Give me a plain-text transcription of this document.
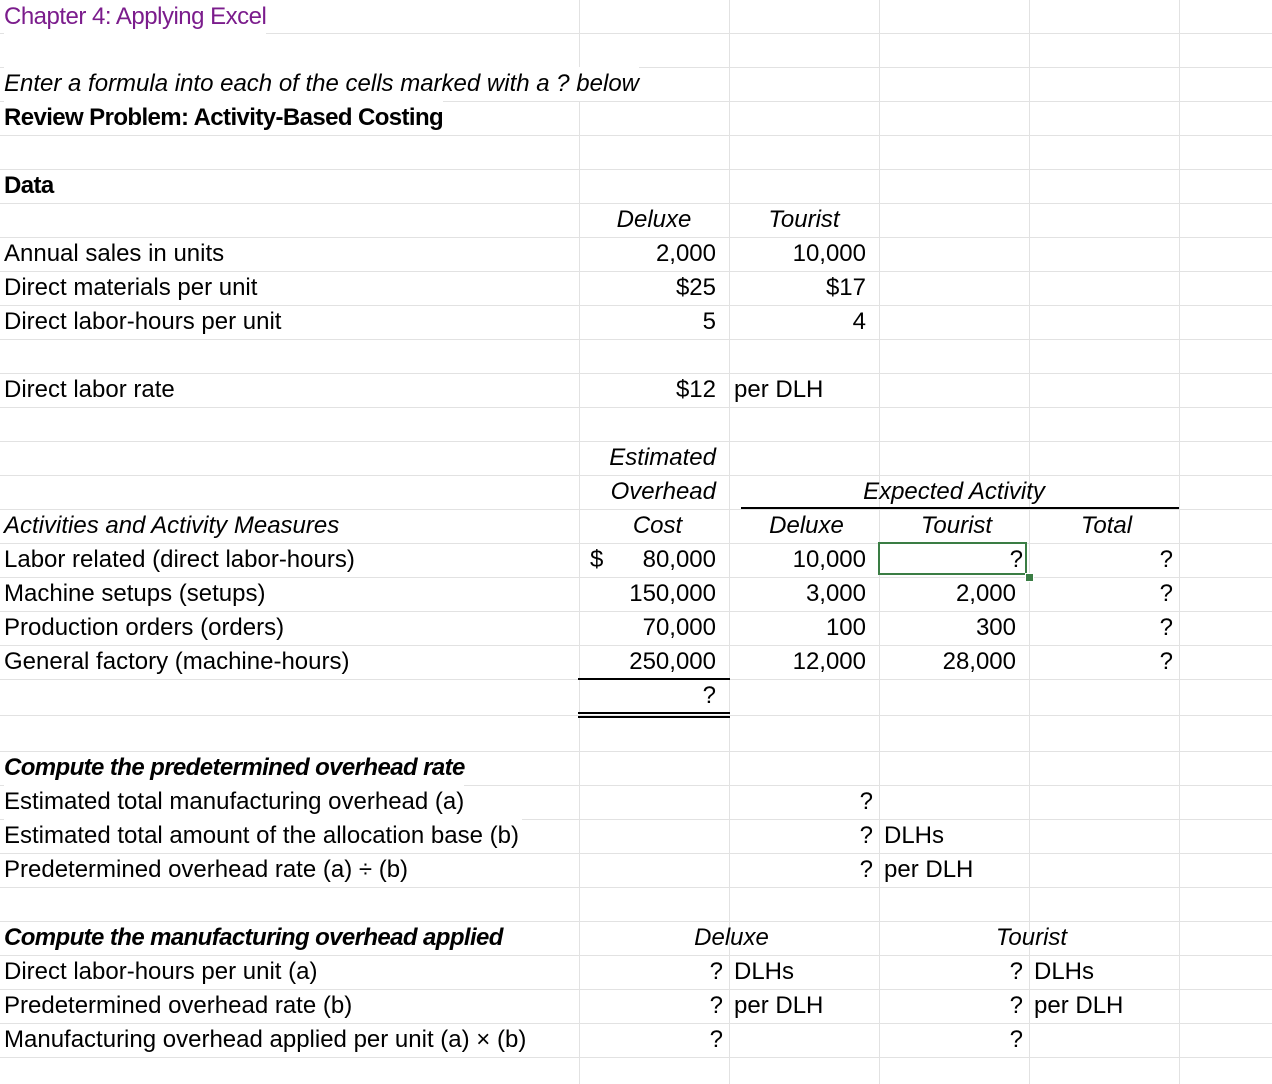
Chapter 4: Applying Excel
Enter a formula into each of the cells marked with a ? below
Review Problem: Activity-Based Costing
Data
Deluxe	Tourist
Annual sales in units	2,000	10,000
Direct materials per unit	$25	$17
Direct labor-hours per unit	5	4
Direct labor rate	$12 per DLH
Estimated
Overhead
Cost
Expected Activity
Activities and Activity Measures	Deluxe	Tourist	Total
$
Labor related (direct labor-hours)	80,000	10,000	?	?
Machine setups (setups)	150,000	3,000	2,000	?
Production orders (orders)	70,000	100	300	?
General factory (machine-hours)	250,000	12,000	28,000	?
?
Compute the predetermined overhead rate
Estimated total manufacturing overhead (a)	?
Estimated total amount of the allocation base (b)	? DLHs
Predetermined overhead rate (a) ÷ (b)	? per DLH
Compute the manufacturing overhead applied	Deluxe	Tourist
Direct labor-hours per unit (a)	? DLHs	? DLHs
Predetermined overhead rate (b)	? per DLH	? per DLH
Manufacturing overhead applied per unit (a) × (b)	?	?
